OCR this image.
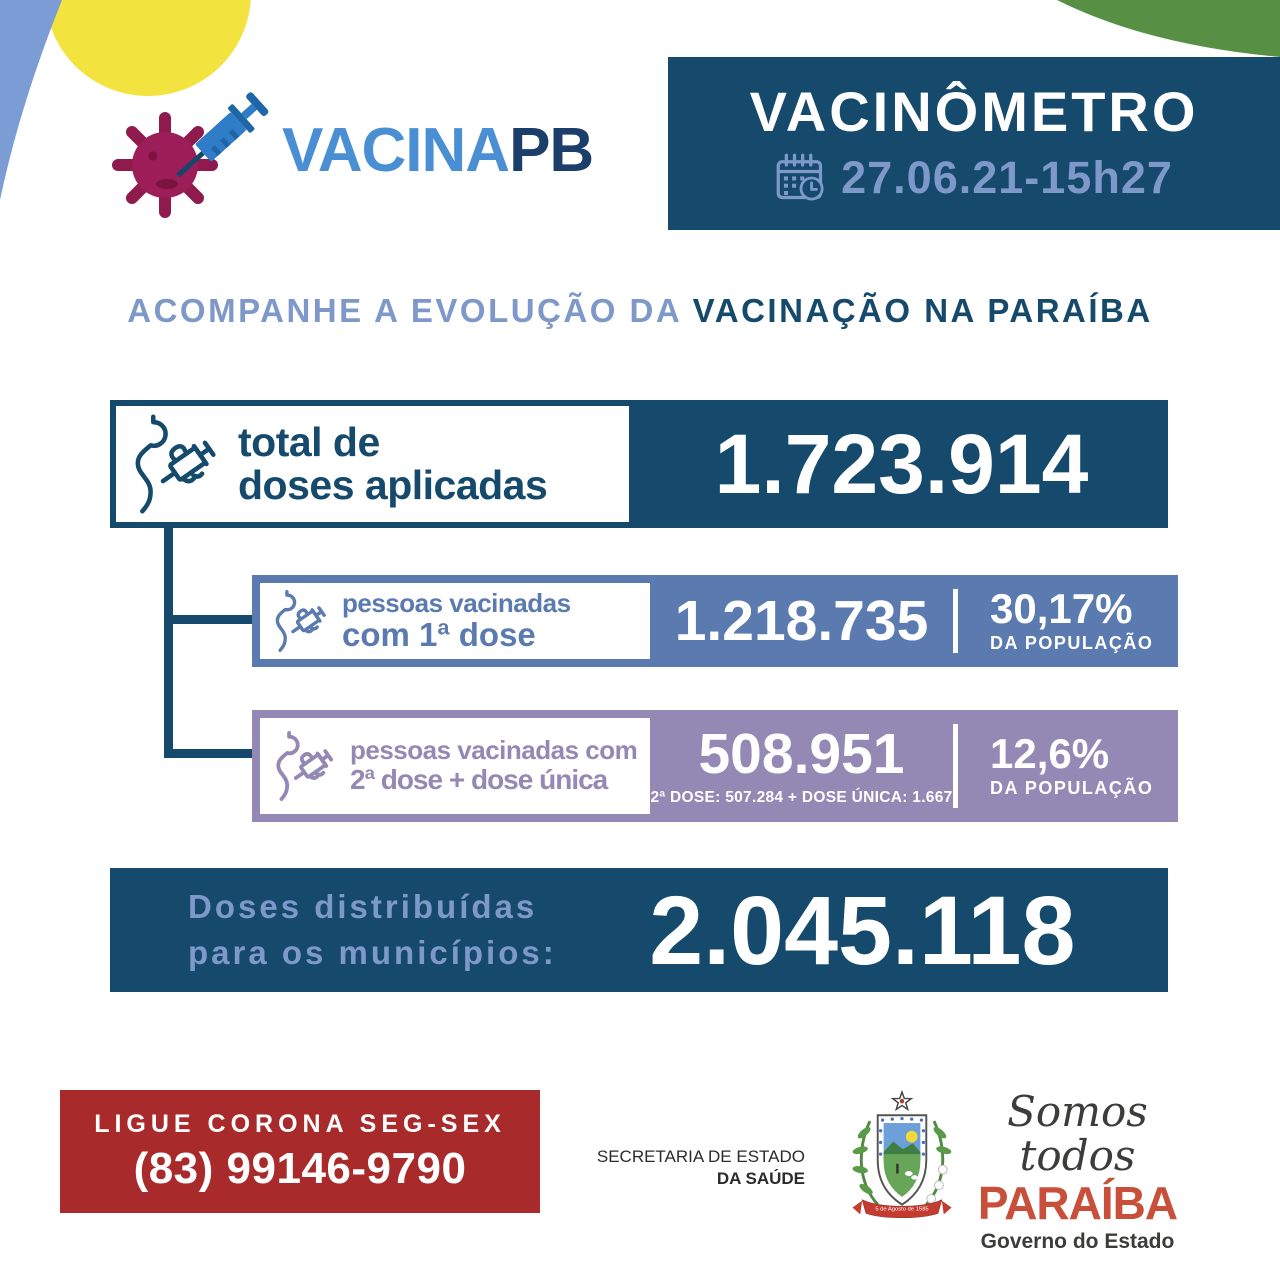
VACINAPB
VACINÔMETRO
27.06.21-15h27
ACOMPANHE A EVOLUÇÃO DA VACINAÇÃO NA PARAÍBA
total de
doses aplicadas 1.723.914
pessoas vacinadas
com 1ª dose	1.218.735 30,17%
DA POPULAÇÃO
pessoas vacinadas com
2ª dose + dose única	508.951
2ª DOSE: 507.284 + DOSE ÚNICA: 1.667
12,6%
DA POPULAÇÃO
Doses distribuídas
para os municípios: 2.045.118
LIGUE CORONA SEG-SEX
(83) 99146-9790	SECRETARIA DE ESTADO
DA SAÚDE
5 de Agosto de 1585
Somos todos
PARAÍBA
Governo do Estado
